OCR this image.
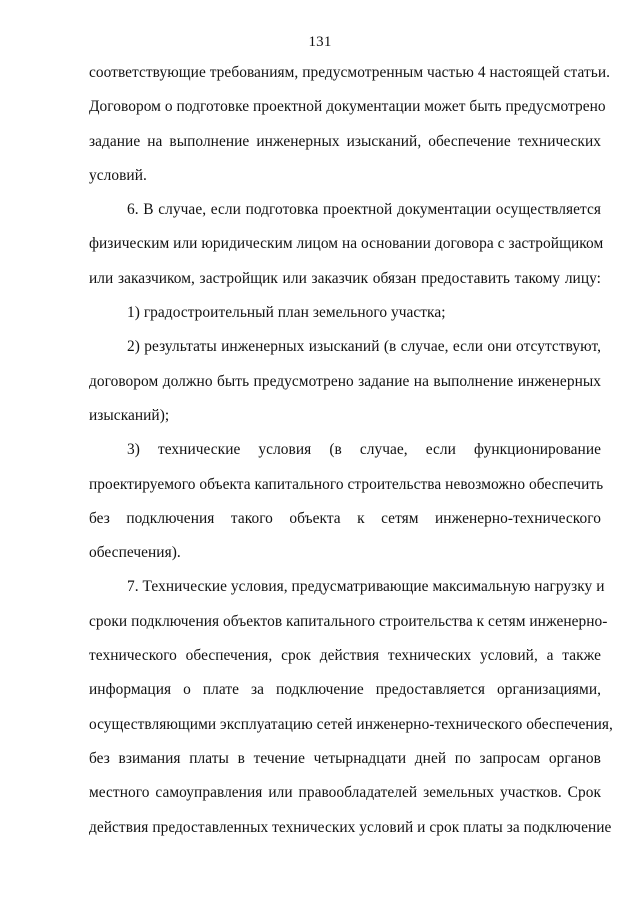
131

соответствующие требованиям, предусмотренным частью 4 настоящей статьи.
Договором о подготовке проектной документации может быть предусмотрено
задание на выполнение инженерных изысканий, обеспечение технических
условий.

6. В случае, если подготовка проектной документации осуществляется
физическим или юридическим лицом на основании договора с застройщиком
или заказчиком, застройщик или заказчик обязан предоставить такому лицу:

1) градостроительный план земельного участка;

2) результаты инженерных изысканий (в случае, если они отсутствуют,
договором должно быть предусмотрено задание на выполнение инженерных
изысканий);

3) технические условия (в случае, если функционирование
проектируемого объекта капитального строительства невозможно обеспечить
без подключения такого объекта к сетям инженерно-технического
обеспечения).

7. Технические условия, предусматривающие максимальную нагрузку и
сроки подключения объектов капитального строительства к сетям инженерно-
технического обеспечения, срок действия технических условий, а также
информация о плате за подключение предоставляется организациями,
осуществляющими эксплуатацию сетей инженерно-технического обеспечения,
без взимания платы в течение четырнадцати дней по запросам органов
местного самоуправления или правообладателей земельных участков. Срок
действия предоставленных технических условий и срок платы за подключение
